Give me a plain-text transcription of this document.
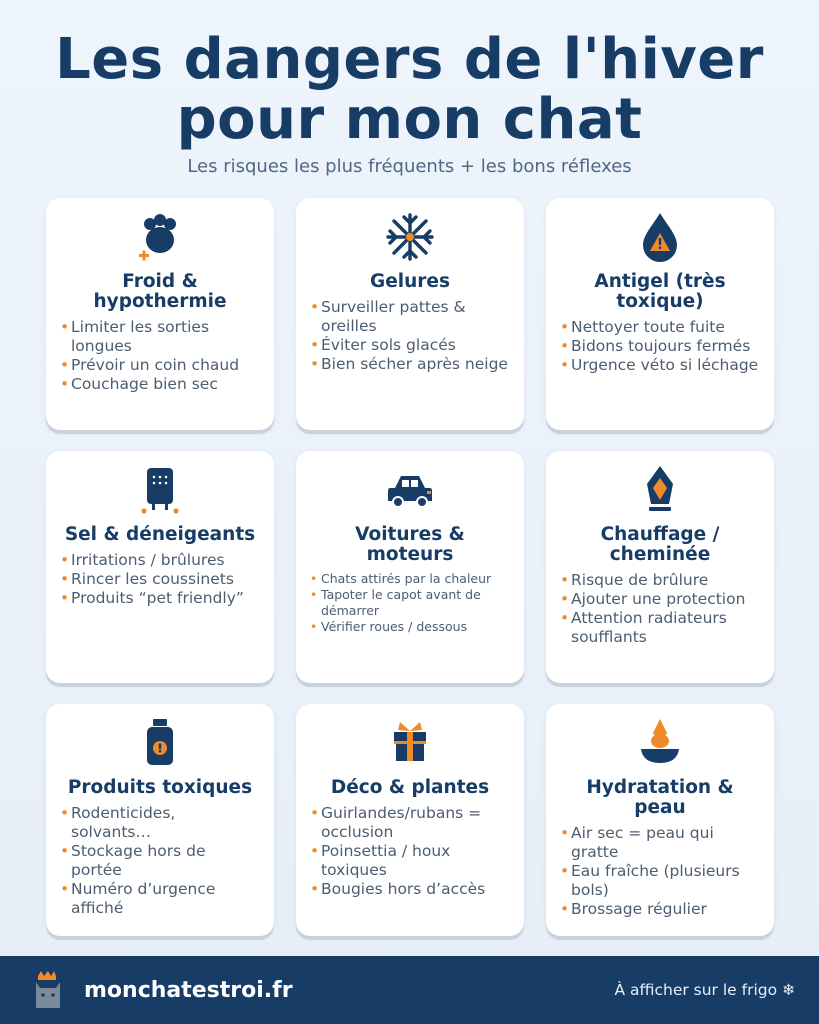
Les dangers de l'hiver
pour mon chat
Les risques les plus fréquents + les bons réflexes
Froid & hypothermie
• Limiter les sorties longues
• Prévoir un coin chaud
• Couchage bien sec
Gelures
• Surveiller pattes & oreilles
• Éviter sols glacés
• Bien sécher après neige
Antigel (très toxique)
• Nettoyer toute fuite
• Bidons toujours fermés
• Urgence véto si léchage
Sel & déneigeants
• Irritations / brûlures
• Rincer les coussinets
• Produits “pet friendly”
Voitures & moteurs
• Chats attirés par la chaleur
• Tapoter le capot avant de démarrer
• Vérifier roues / dessous
Chauffage / cheminée
• Risque de brûlure
• Ajouter une protection
• Attention radiateurs soufflants
Produits toxiques
• Rodenticides, solvants…
• Stockage hors de portée
• Numéro d’urgence affiché
Déco & plantes
• Guirlandes/rubans = occlusion
• Poinsettia / houx toxiques
• Bougies hors d’accès
Hydratation & peau
• Air sec = peau qui gratte
• Eau fraîche (plusieurs bols)
• Brossage régulier
monchatestroi.fr	À afficher sur le frigo ❄
